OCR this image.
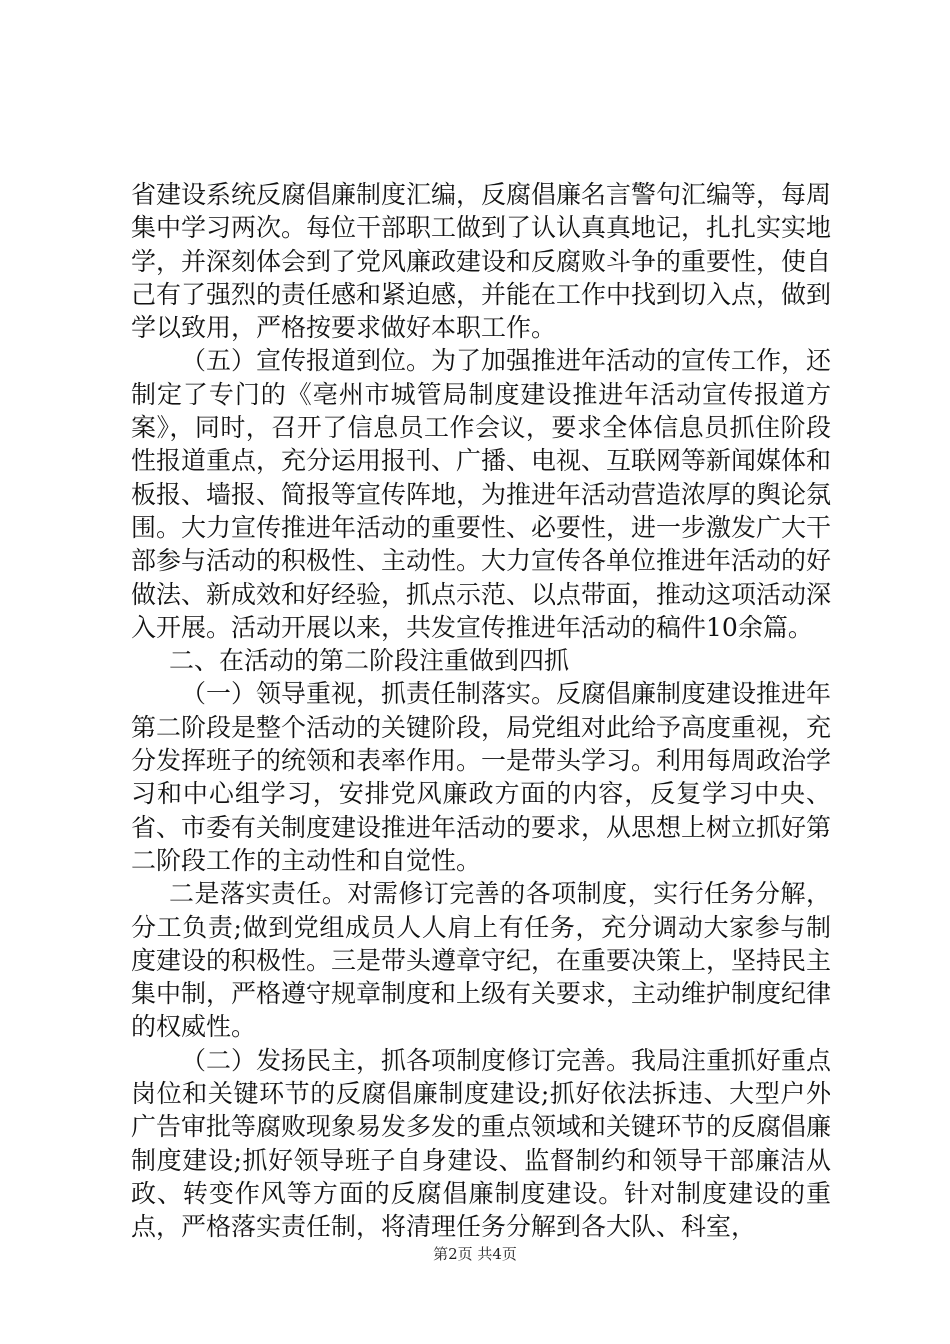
省建设系统反腐倡廉制度汇编，反腐倡廉名言警句汇编等，每周集中学习两次。每位干部职工做到了认认真真地记，扎扎实实地学，并深刻体会到了党风廉政建设和反腐败斗争的重要性，使自己有了强烈的责任感和紧迫感，并能在工作中找到切入点，做到学以致用，严格按要求做好本职工作。

（五）宣传报道到位。为了加强推进年活动的宣传工作，还制定了专门的《亳州市城管局制度建设推进年活动宣传报道方案》，同时，召开了信息员工作会议，要求全体信息员抓住阶段性报道重点，充分运用报刊、广播、电视、互联网等新闻媒体和板报、墙报、简报等宣传阵地，为推进年活动营造浓厚的舆论氛围。大力宣传推进年活动的重要性、必要性，进一步激发广大干部参与活动的积极性、主动性。大力宣传各单位推进年活动的好做法、新成效和好经验，抓点示范、以点带面，推动这项活动深入开展。活动开展以来，共发宣传推进年活动的稿件10余篇。

二、在活动的第二阶段注重做到四抓

（一）领导重视，抓责任制落实。反腐倡廉制度建设推进年第二阶段是整个活动的关键阶段，局党组对此给予高度重视，充分发挥班子的统领和表率作用。一是带头学习。利用每周政治学习和中心组学习，安排党风廉政方面的内容，反复学习中央、省、市委有关制度建设推进年活动的要求，从思想上树立抓好第二阶段工作的主动性和自觉性。

二是落实责任。对需修订完善的各项制度，实行任务分解，分工负责;做到党组成员人人肩上有任务，充分调动大家参与制度建设的积极性。三是带头遵章守纪，在重要决策上，坚持民主集中制，严格遵守规章制度和上级有关要求，主动维护制度纪律的权威性。

（二）发扬民主，抓各项制度修订完善。我局注重抓好重点岗位和关键环节的反腐倡廉制度建设;抓好依法拆违、大型户外广告审批等腐败现象易发多发的重点领域和关键环节的反腐倡廉制度建设;抓好领导班子自身建设、监督制约和领导干部廉洁从政、转变作风等方面的反腐倡廉制度建设。针对制度建设的重点，严格落实责任制，将清理任务分解到各大队、科室，

第2页 共4页
